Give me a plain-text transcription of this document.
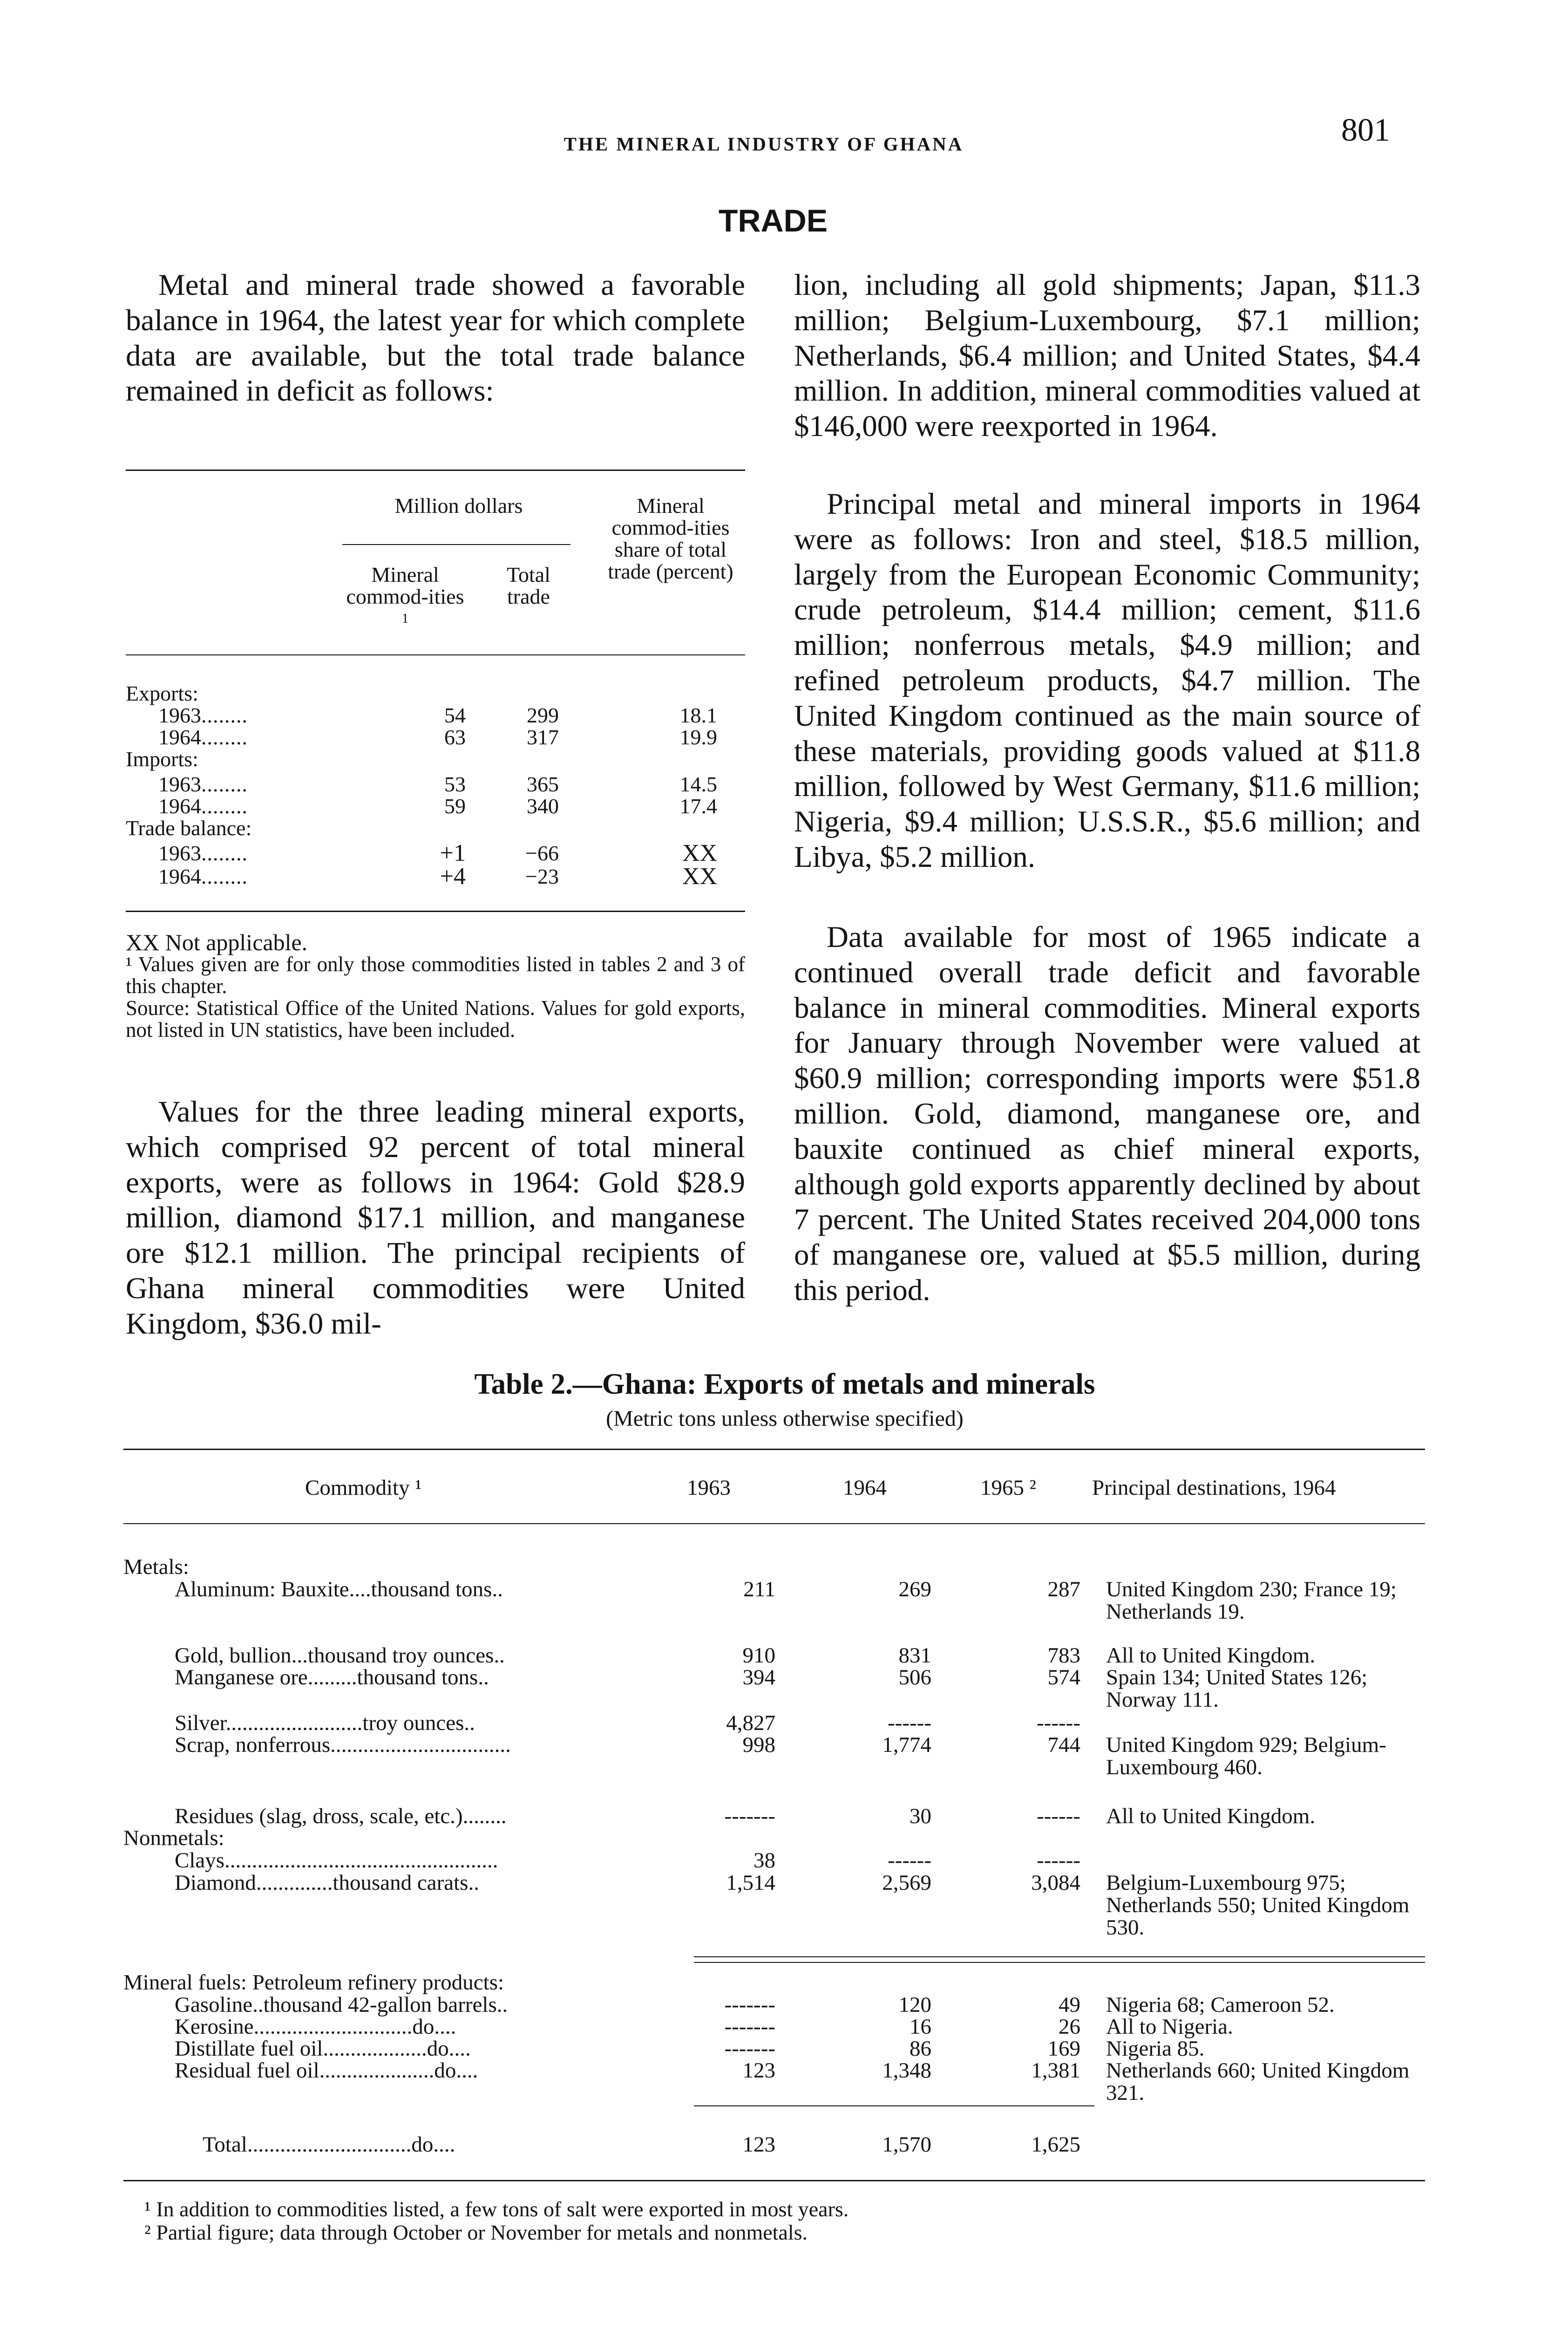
THE MINERAL INDUSTRY OF GHANA	801
TRADE

Metal and mineral trade showed a favorable balance in 1964, the latest year for which complete data are available, but the total trade balance remained in deficit as follows:

Million dollars
Mineral commod-ities $^1$
Total trade
Mineral commod-ities share of total trade (percent)
Exports:
1963........	54	299	18.1
1964........	63	317	19.9
Imports:
1963........	53	365	14.5
1964........	59	340	17.4
Trade balance:
1963........	+1	−66	XX
1964........	+4	−23	XX
XX Not applicable.
¹ Values given are for only those commodities listed in tables 2 and 3 of this chapter.
Source: Statistical Office of the United Nations. Values for gold exports, not listed in UN statistics, have been included.

Values for the three leading mineral exports, which comprised 92 percent of total mineral exports, were as follows in 1964: Gold $28.9 million, diamond $17.1 million, and manganese ore $12.1 million. The principal recipients of Ghana mineral commodities were United Kingdom, $36.0 mil-

lion, including all gold shipments; Japan, $11.3 million; Belgium-Luxembourg, $7.1 million; Netherlands, $6.4 million; and United States, $4.4 million. In addition, mineral commodities valued at $146,000 were reexported in 1964.

Principal metal and mineral imports in 1964 were as follows: Iron and steel, $18.5 million, largely from the European Economic Community; crude petroleum, $14.4 million; cement, $11.6 million; nonferrous metals, $4.9 million; and refined petroleum products, $4.7 million. The United Kingdom continued as the main source of these materials, providing goods valued at $11.8 million, followed by West Germany, $11.6 million; Nigeria, $9.4 million; U.S.S.R., $5.6 million; and Libya, $5.2 million.

Data available for most of 1965 indicate a continued overall trade deficit and favorable balance in mineral commodities. Mineral exports for January through November were valued at $60.9 million; corresponding imports were $51.8 million. Gold, diamond, manganese ore, and bauxite continued as chief mineral exports, although gold exports apparently declined by about 7 percent. The United States received 204,000 tons of manganese ore, valued at $5.5 million, during this period.

Table 2.—Ghana: Exports of metals and minerals
(Metric tons unless otherwise specified)
Commodity ¹	1963	1964	1965 ²	Principal destinations, 1964
Metals:
Aluminum: Bauxite....thousand tons..	211	269	287 United Kingdom 230; France 19; Netherlands 19.
Gold, bullion...thousand troy ounces..	910	831	783 All to United Kingdom.
Manganese ore.........thousand tons..	394	506	574 Spain 134; United States 126; Norway 111.
Silver.........................troy ounces..	4,827	------	------
Scrap, nonferrous.................................	998	1,774	744 United Kingdom 929; Belgium-Luxembourg 460.
Residues (slag, dross, scale, etc.)........	-------	30	------ All to United Kingdom.
Nonmetals:
Clays..................................................	38	------	------
Diamond..............thousand carats..	1,514	2,569	3,084 Belgium-Luxembourg 975; Netherlands 550; United Kingdom 530.
Mineral fuels: Petroleum refinery products:
Gasoline..thousand 42-gallon barrels..	-------	120	49 Nigeria 68; Cameroon 52.
Kerosine.............................do....	-------	16	26 All to Nigeria.
Distillate fuel oil...................do....	-------	86	169 Nigeria 85.
Residual fuel oil.....................do....	123	1,348	1,381 Netherlands 660; United Kingdom 321.
Total..............................do....	123	1,570	1,625
¹ In addition to commodities listed, a few tons of salt were exported in most years.
² Partial figure; data through October or November for metals and nonmetals.
